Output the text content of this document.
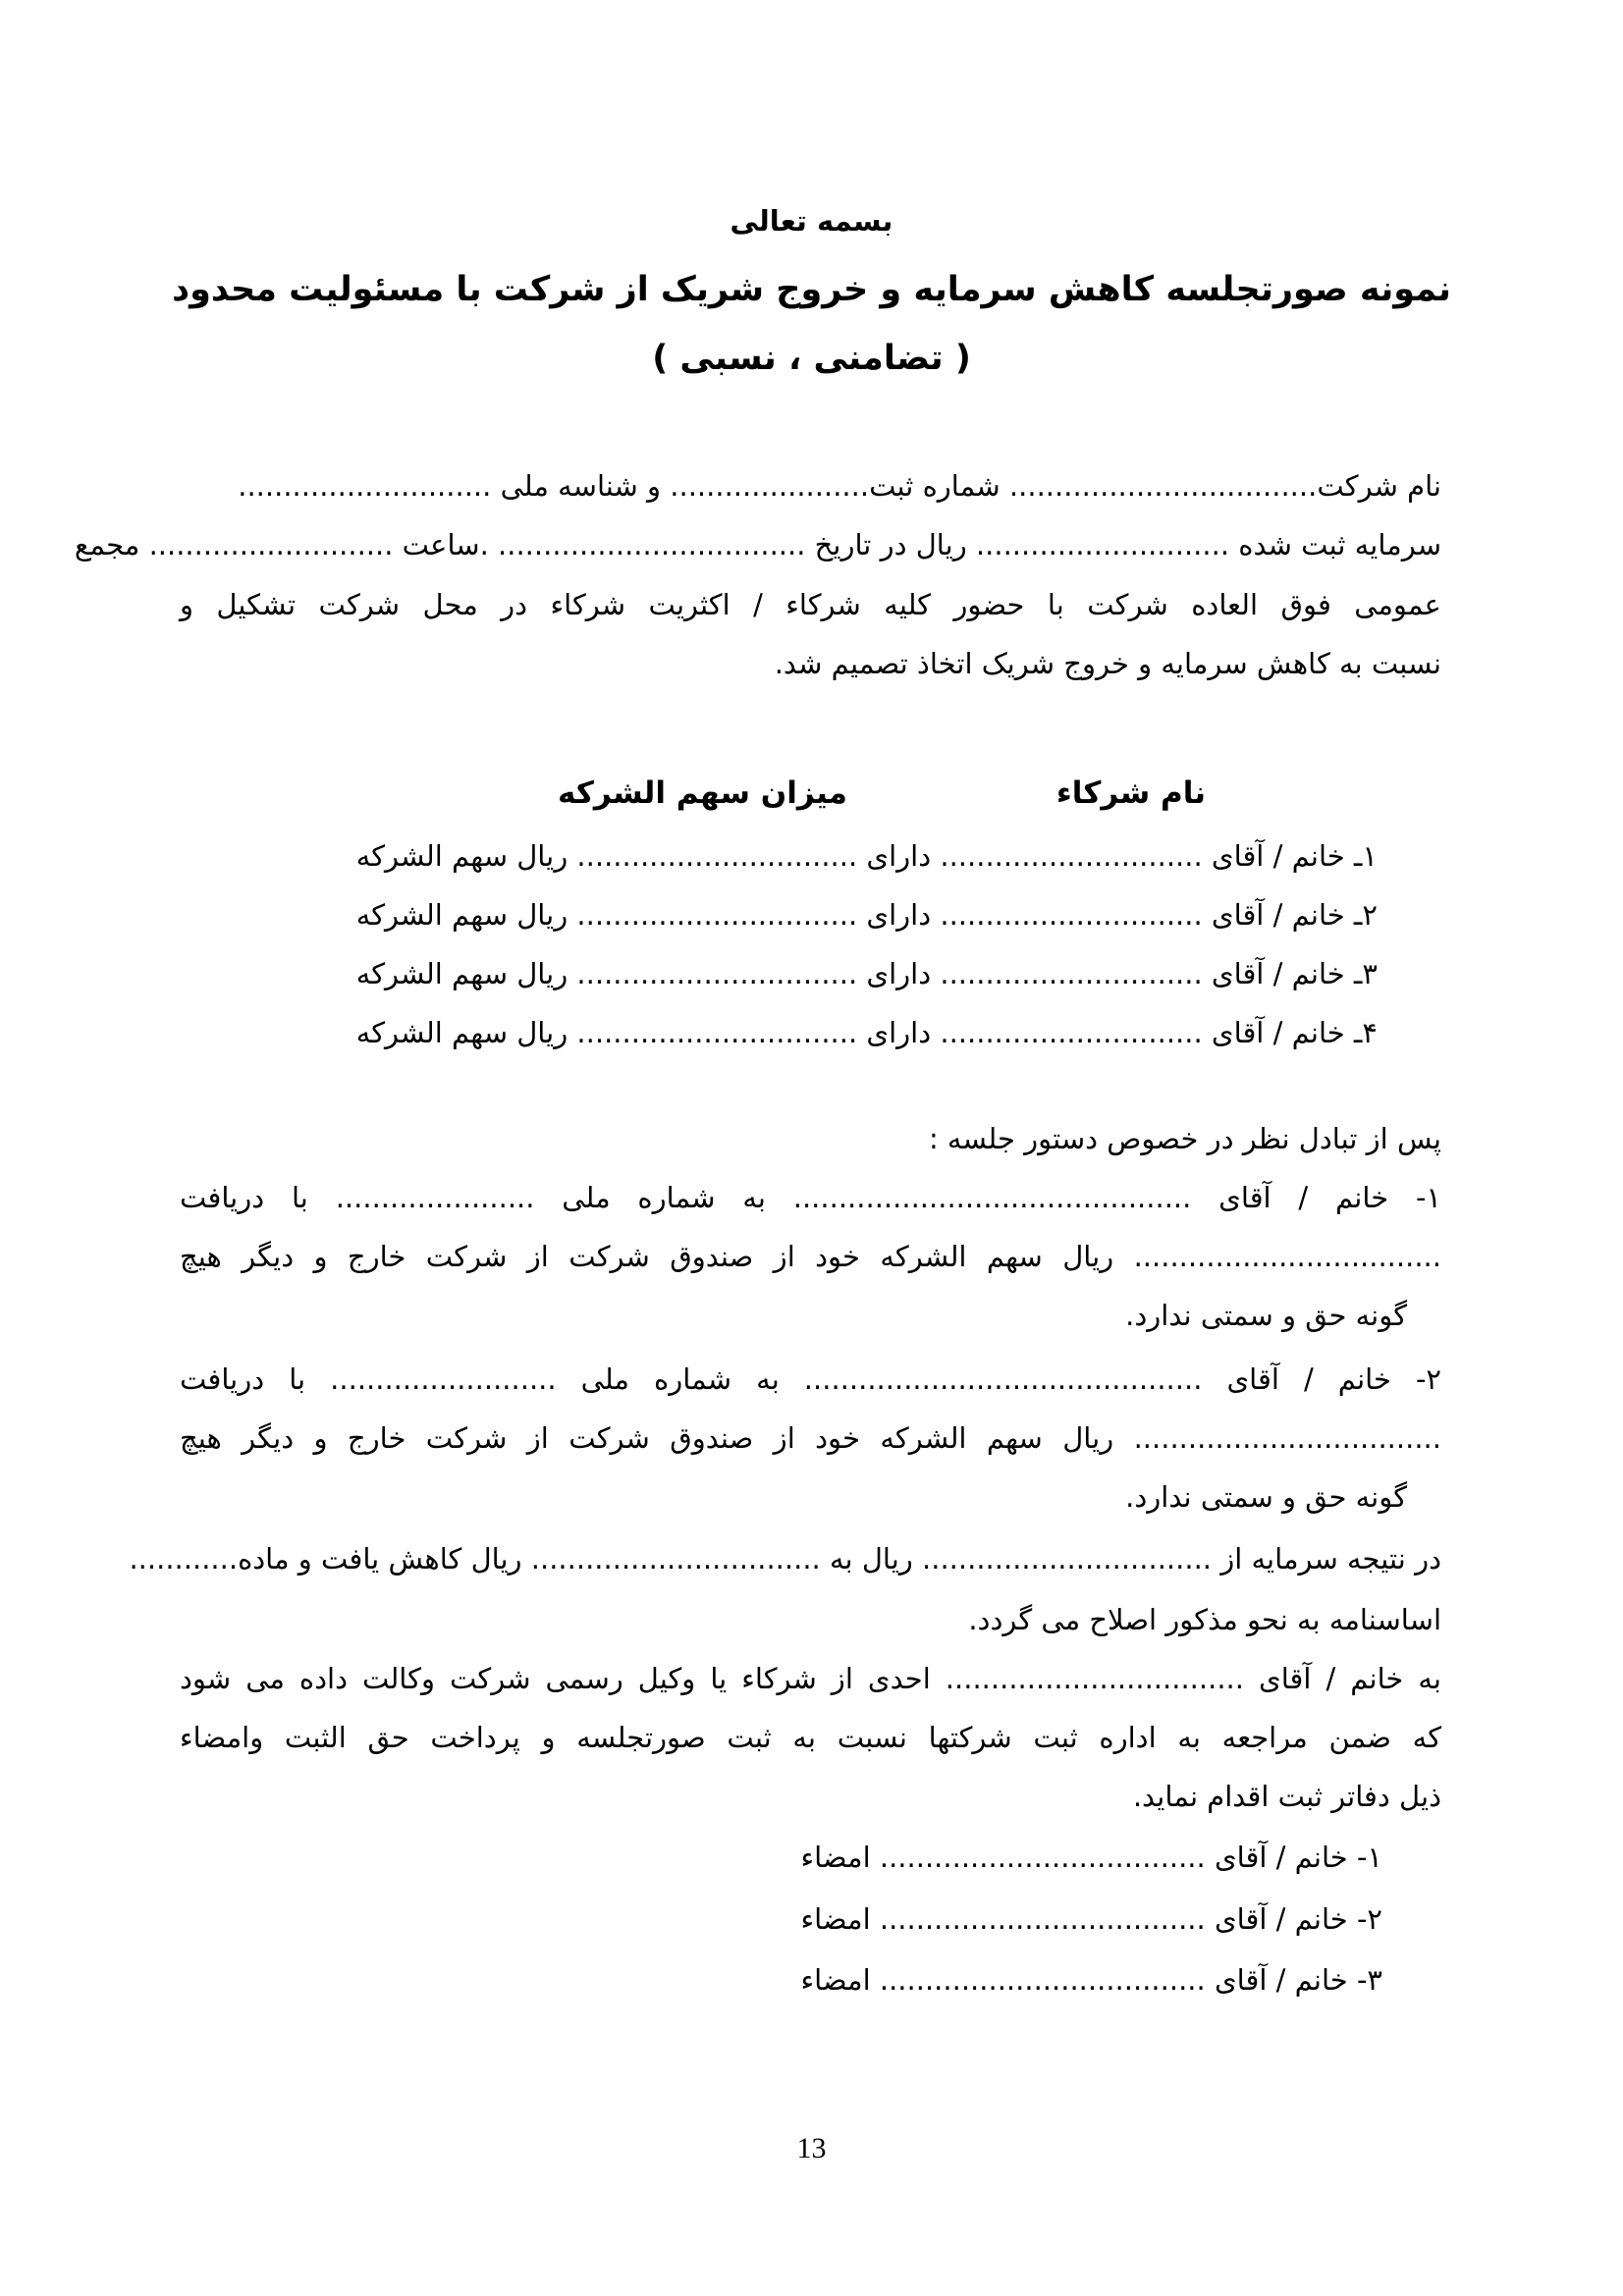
بسمه تعالی
نمونه صورتجلسه کاهش سرمایه و خروج شریک از شرکت با مسئولیت محدود
( تضامنی ، نسبی )
نام شرکت.................................. شماره ثبت...................... و شناسه ملی ............................
سرمایه ثبت شده ............................ ریال در تاریخ .................................. .ساعت ........................... مجمع
عمومی فوق العاده شرکت با حضور کلیه شرکاء / اکثریت شرکاء در محل شرکت تشکیل و
نسبت به کاهش سرمایه و خروج شریک اتخاذ تصمیم شد.
نام شرکاء
میزان سهم الشرکه
۱ـ خانم / آقای ............................. دارای ............................... ریال سهم الشرکه
۲ـ خانم / آقای ............................. دارای ............................... ریال سهم الشرکه
۳ـ خانم / آقای ............................. دارای ............................... ریال سهم الشرکه
۴ـ خانم / آقای ............................. دارای ............................... ریال سهم الشرکه
پس از تبادل نظر در خصوص دستور جلسه :
۱- خانم / آقای ............................................ به شماره ملی ...................... با دریافت
.................................. ریال سهم الشرکه خود از صندوق شرکت از شرکت خارج و دیگر هیچ
گونه حق و سمتی ندارد.
۲- خانم / آقای ............................................ به شماره ملی ......................... با دریافت
.................................. ریال سهم الشرکه خود از صندوق شرکت از شرکت خارج و دیگر هیچ
گونه حق و سمتی ندارد.
در نتیجه سرمایه از ................................ ریال به ................................ ریال کاهش یافت و ماده............
اساسنامه به نحو مذکور اصلاح می گردد.
به خانم / آقای ................................. احدی از شرکاء یا وکیل رسمی شرکت وکالت داده می شود
که ضمن مراجعه به اداره ثبت شرکتها نسبت به ثبت صورتجلسه و پرداخت حق الثبت وامضاء
ذیل دفاتر ثبت اقدام نماید.
۱- خانم / آقای .................................... امضاء
۲- خانم / آقای .................................... امضاء
۳- خانم / آقای .................................... امضاء
13
